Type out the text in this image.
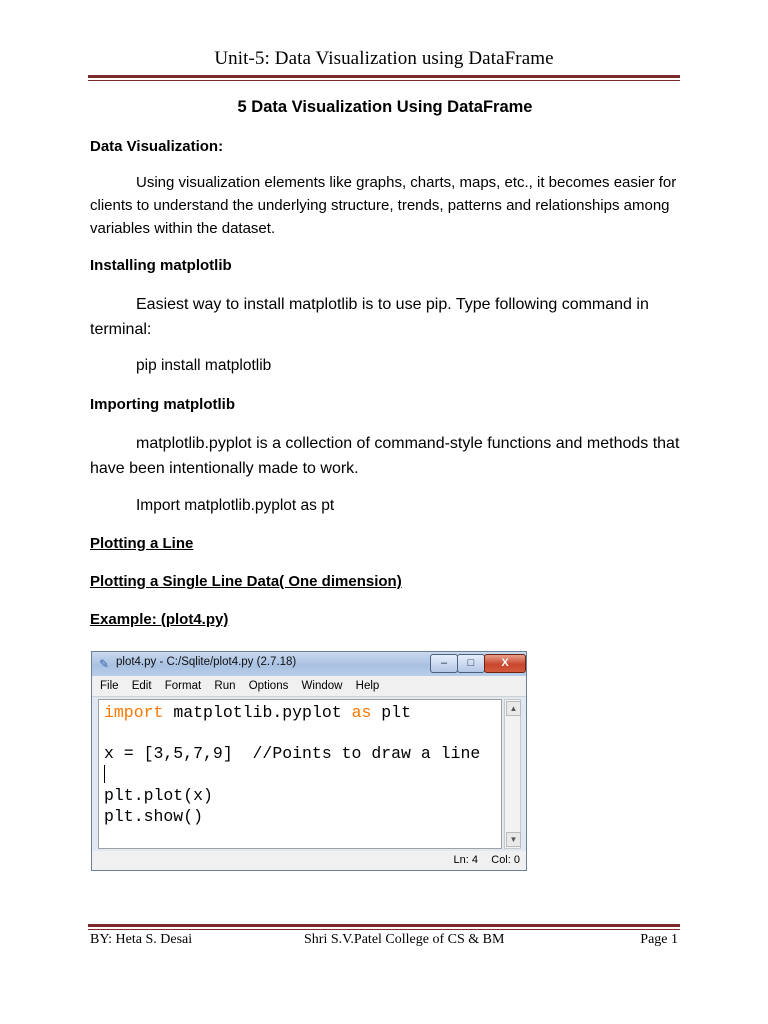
Unit-5: Data Visualization using DataFrame
5 Data Visualization Using DataFrame
Data Visualization:
Using visualization elements like graphs, charts, maps, etc., it becomes easier for clients to understand the underlying structure, trends, patterns and relationships among variables within the dataset.
Installing matplotlib
Easiest way to install matplotlib is to use pip. Type following command in terminal:
pip install matplotlib
Importing matplotlib
matplotlib.pyplot is a collection of command-style functions and methods that have been intentionally made to work.
Import matplotlib.pyplot as pt
Plotting a Line
Plotting a Single Line Data( One dimension)
Example: (plot4.py)
✎ plot4.py - C:/Sqlite/plot4.py (2.7.18)	–	□	X
File Edit Format Run Options Window Help
import matplotlib.pyplot as plt

x = [3,5,7,9]  //Points to draw a line
plt.plot(x)
plt.show()
▲
▼
Ln: 4 Col: 0
BY: Heta S. Desai	Shri S.V.Patel College of CS & BM	Page 1
